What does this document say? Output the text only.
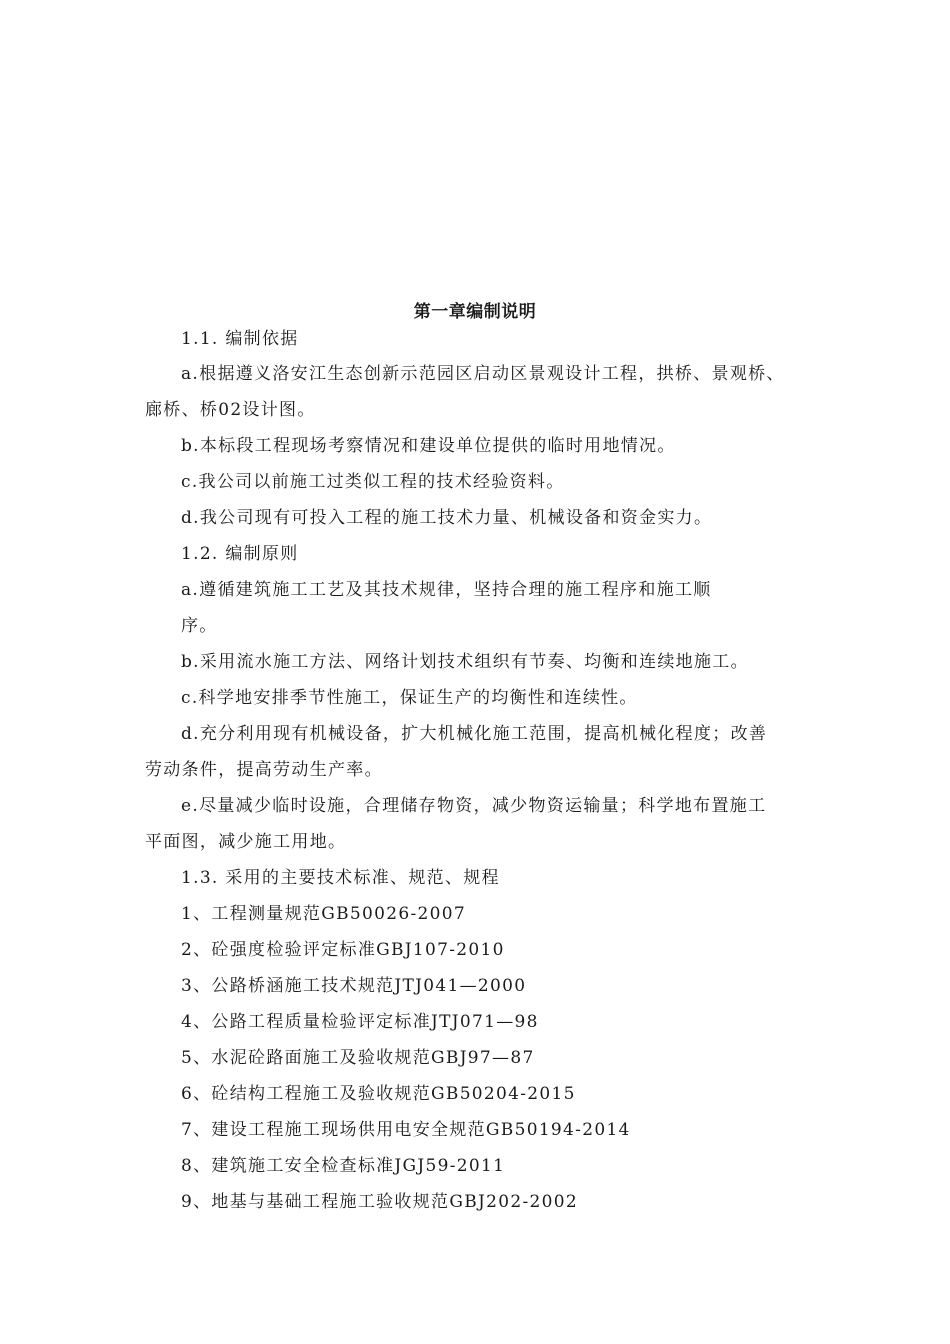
第一章编制说明
1.1. 编制依据
a.根据遵义洛安江生态创新示范园区启动区景观设计工程，拱桥、景观桥、
廊桥、桥02设计图。
b.本标段工程现场考察情况和建设单位提供的临时用地情况。
c.我公司以前施工过类似工程的技术经验资料。
d.我公司现有可投入工程的施工技术力量、机械设备和资金实力。
1.2. 编制原则
a.遵循建筑施工工艺及其技术规律，坚持合理的施工程序和施工顺
序。
b.采用流水施工方法、网络计划技术组织有节奏、均衡和连续地施工。
c.科学地安排季节性施工，保证生产的均衡性和连续性。
d.充分利用现有机械设备，扩大机械化施工范围，提高机械化程度；改善
劳动条件，提高劳动生产率。
e.尽量减少临时设施，合理储存物资，减少物资运输量；科学地布置施工
平面图，减少施工用地。
1.3. 采用的主要技术标准、规范、规程
1、工程测量规范GB50026-2007
2、砼强度检验评定标准GBJ107-2010
3、公路桥涵施工技术规范JTJ041—2000
4、公路工程质量检验评定标准JTJ071—98
5、水泥砼路面施工及验收规范GBJ97—87
6、砼结构工程施工及验收规范GB50204-2015
7、建设工程施工现场供用电安全规范GB50194-2014
8、建筑施工安全检查标准JGJ59-2011
9、地基与基础工程施工验收规范GBJ202-2002
